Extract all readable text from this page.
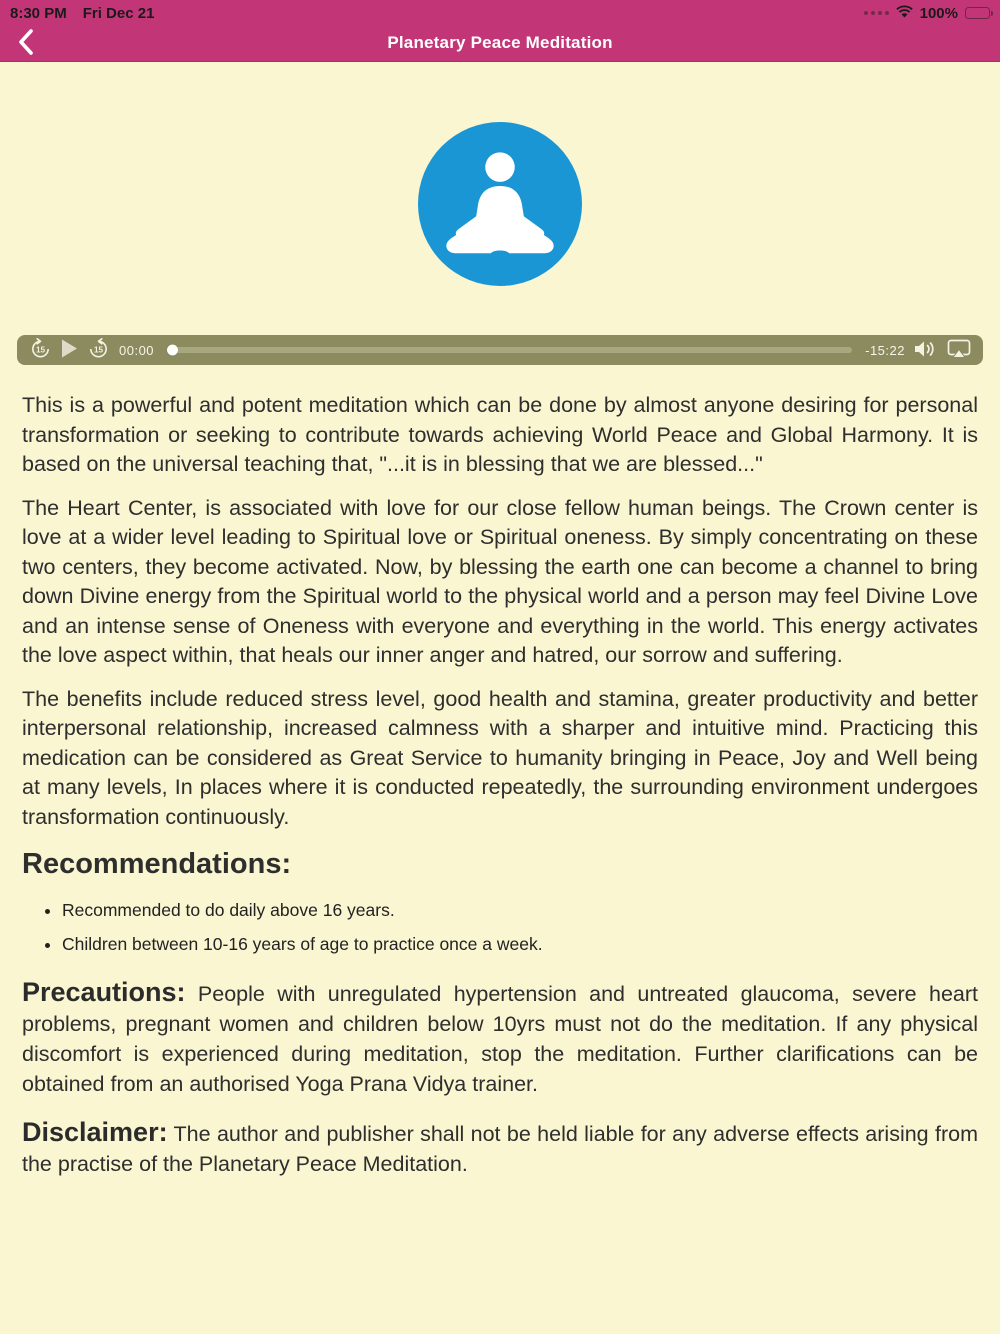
8:30 PM Fri Dec 21	100%
Planetary Peace Meditation
15	15 00:00	-15:22

This is a powerful and potent meditation which can be done by almost anyone desiring for personal transformation or seeking to contribute towards achieving World Peace and Global Harmony. It is based on the universal teaching that, "...it is in blessing that we are blessed..."

The Heart Center, is associated with love for our close fellow human beings. The Crown center is love at a wider level leading to Spiritual love or Spiritual oneness. By simply concentrating on these two centers, they become activated. Now, by blessing the earth one can become a channel to bring down Divine energy from the Spiritual world to the physical world and a person may feel Divine Love and an intense sense of Oneness with everyone and everything in the world. This energy activates the love aspect within, that heals our inner anger and hatred, our sorrow and suffering.

The benefits include reduced stress level, good health and stamina, greater productivity and better interpersonal relationship, increased calmness with a sharper and intuitive mind. Practicing this medication can be considered as Great Service to humanity bringing in Peace, Joy and Well being at many levels, In places where it is conducted repeatedly, the surrounding environment undergoes transformation continuously.

Recommendations:
• Recommended to do daily above 16 years.
• Children between 10-16 years of age to practice once a week.

Precautions: People with unregulated hypertension and untreated glaucoma, severe heart problems, pregnant women and children below 10yrs must not do the meditation. If any physical discomfort is experienced during meditation, stop the meditation. Further clarifications can be obtained from an authorised Yoga Prana Vidya trainer.

Disclaimer: The author and publisher shall not be held liable for any adverse effects arising from the practise of the Planetary Peace Meditation.
